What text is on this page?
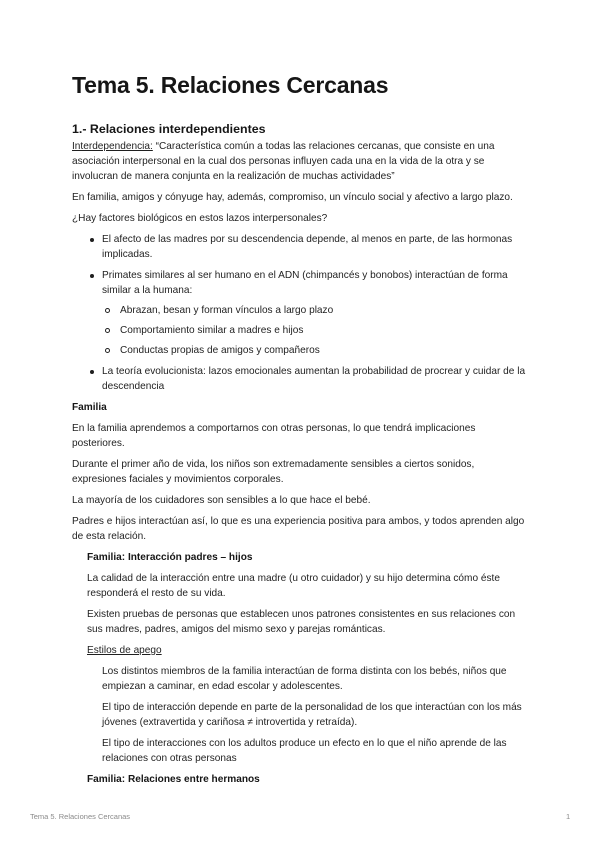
Tema 5. Relaciones Cercanas
1.- Relaciones interdependientes

Interdependencia: “Característica común a todas las relaciones cercanas, que consiste en una asociación interpersonal en la cual dos personas influyen cada una en la vida de la otra y se involucran de manera conjunta en la realización de muchas actividades”

En familia, amigos y cónyuge hay, además, compromiso, un vínculo social y afectivo a largo plazo.

¿Hay factores biológicos en estos lazos interpersonales?

El afecto de las madres por su descendencia depende, al menos en parte, de las hormonas implicadas.
Primates similares al ser humano en el ADN (chimpancés y bonobos) interactúan de forma similar a la humana:
Abrazan, besan y forman vínculos a largo plazo
Comportamiento similar a madres e hijos
Conductas propias de amigos y compañeros
La teoría evolucionista: lazos emocionales aumentan la probabilidad de procrear y cuidar de la descendencia

Familia

En la familia aprendemos a comportarnos con otras personas, lo que tendrá implicaciones posteriores.

Durante el primer año de vida, los niños son extremadamente sensibles a ciertos sonidos, expresiones faciales y movimientos corporales.

La mayoría de los cuidadores son sensibles a lo que hace el bebé.

Padres e hijos interactúan así, lo que es una experiencia positiva para ambos, y todos aprenden algo de esta relación.

Familia: Interacción padres – hijos

La calidad de la interacción entre una madre (u otro cuidador) y su hijo determina cómo éste responderá el resto de su vida.

Existen pruebas de personas que establecen unos patrones consistentes en sus relaciones con sus madres, padres, amigos del mismo sexo y parejas románticas.

Estilos de apego

Los distintos miembros de la familia interactúan de forma distinta con los bebés, niños que empiezan a caminar, en edad escolar y adolescentes.

El tipo de interacción depende en parte de la personalidad de los que interactúan con los más jóvenes (extravertida y cariñosa ≠ introvertida y retraída).

El tipo de interacciones con los adultos produce un efecto en lo que el niño aprende de las relaciones con otras personas

Familia: Relaciones entre hermanos

Tema 5. Relaciones Cercanas	1
